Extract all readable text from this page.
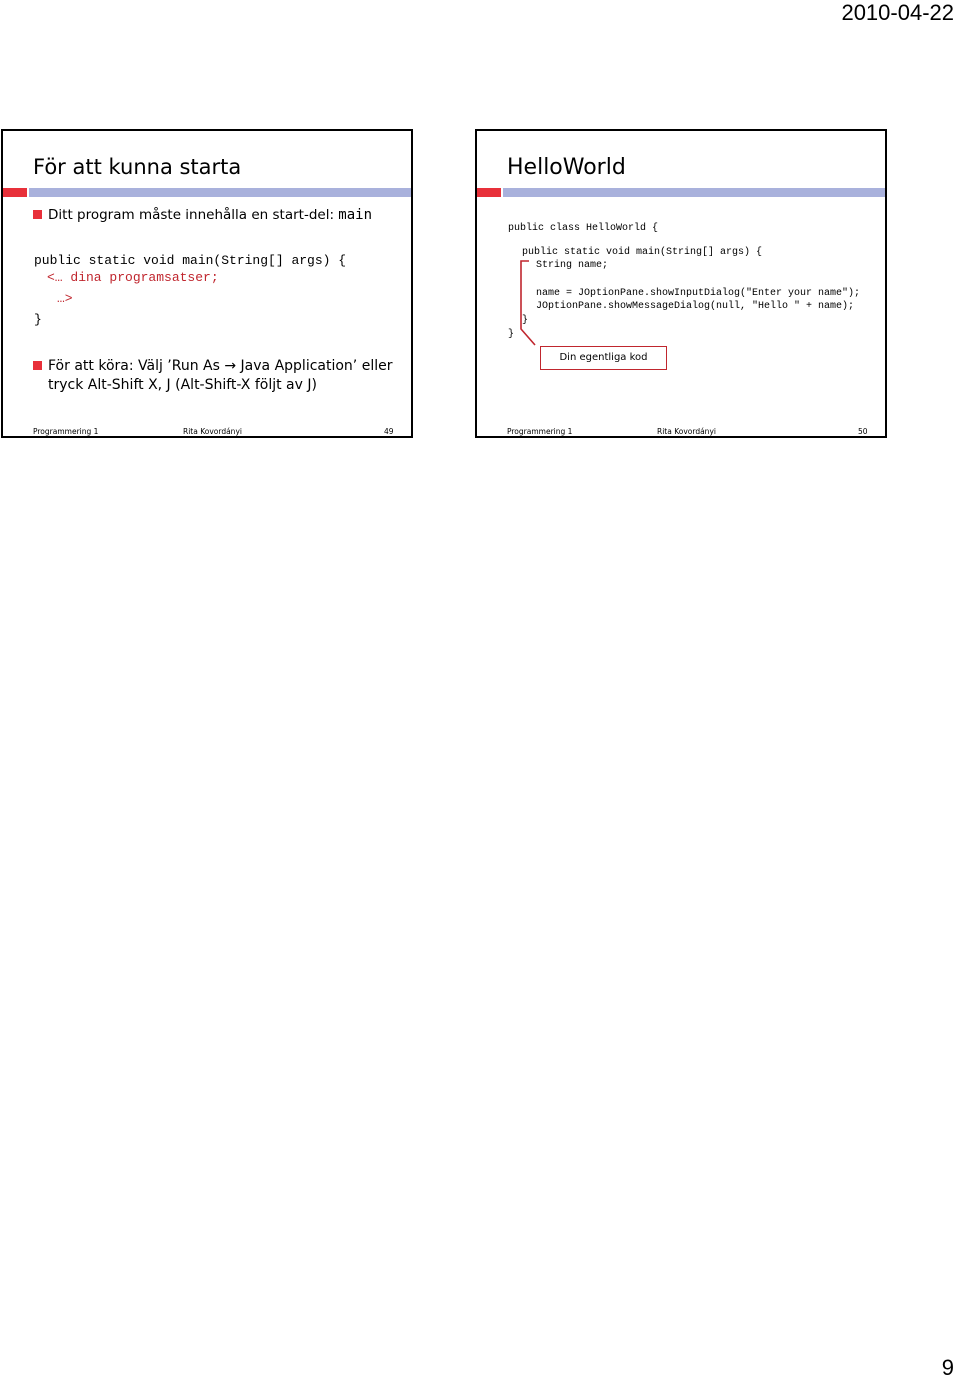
2010-04-22
För att kunna starta
Ditt program måste innehålla en start-del: main
public static void main(String[] args) {
<… dina programsatser;
…>
}
För att köra: Välj ’Run As → Java Application’ eller
tryck Alt-Shift X, J (Alt-Shift-X följt av J)
Programmering 1	Rita Kovordányi	49
HelloWorld
public class HelloWorld {
public static void main(String[] args) {
String name;
name = JOptionPane.showInputDialog("Enter your name");
JOptionPane.showMessageDialog(null, "Hello " + name);
}
}
Din egentliga kod
Programmering 1	Rita Kovordányi	50
9
